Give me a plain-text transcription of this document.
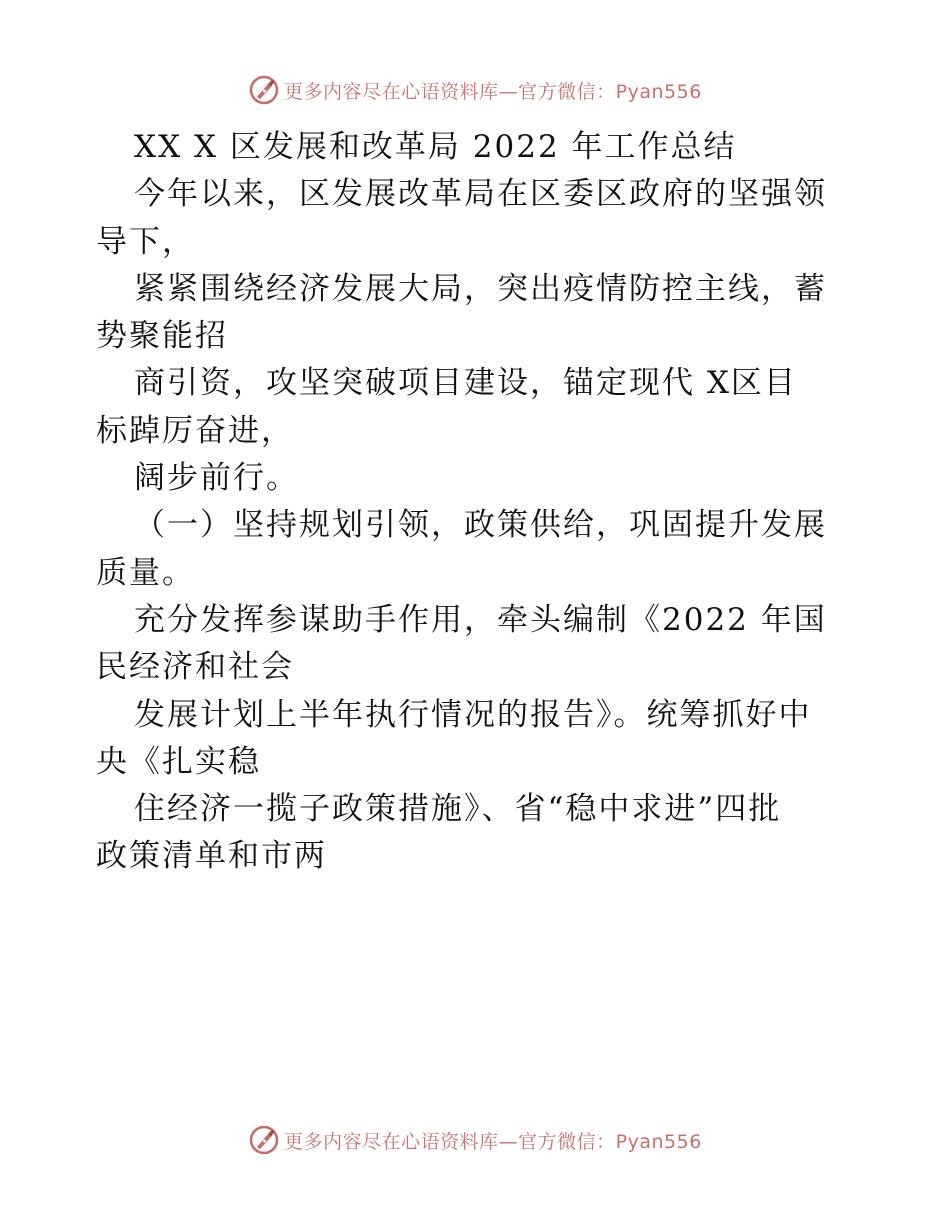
更多内容尽在心语资料库—官方微信：Pyan556
XX X 区发展和改革局 2022 年工作总结
今年以来，区发展改革局在区委区政府的坚强领
导下，
紧紧围绕经济发展大局，突出疫情防控主线，蓄
势聚能招
商引资，攻坚突破项目建设，锚定现代 X区目
标踔厉奋进，
阔步前行。
（一）坚持规划引领，政策供给，巩固提升发展
质量。
充分发挥参谋助手作用，牵头编制《2022 年国
民经济和社会
发展计划上半年执行情况的报告》。统筹抓好中
央《扎实稳
住经济一揽子政策措施》、省“稳中求进”四批
政策清单和市两
更多内容尽在心语资料库—官方微信：Pyan556
